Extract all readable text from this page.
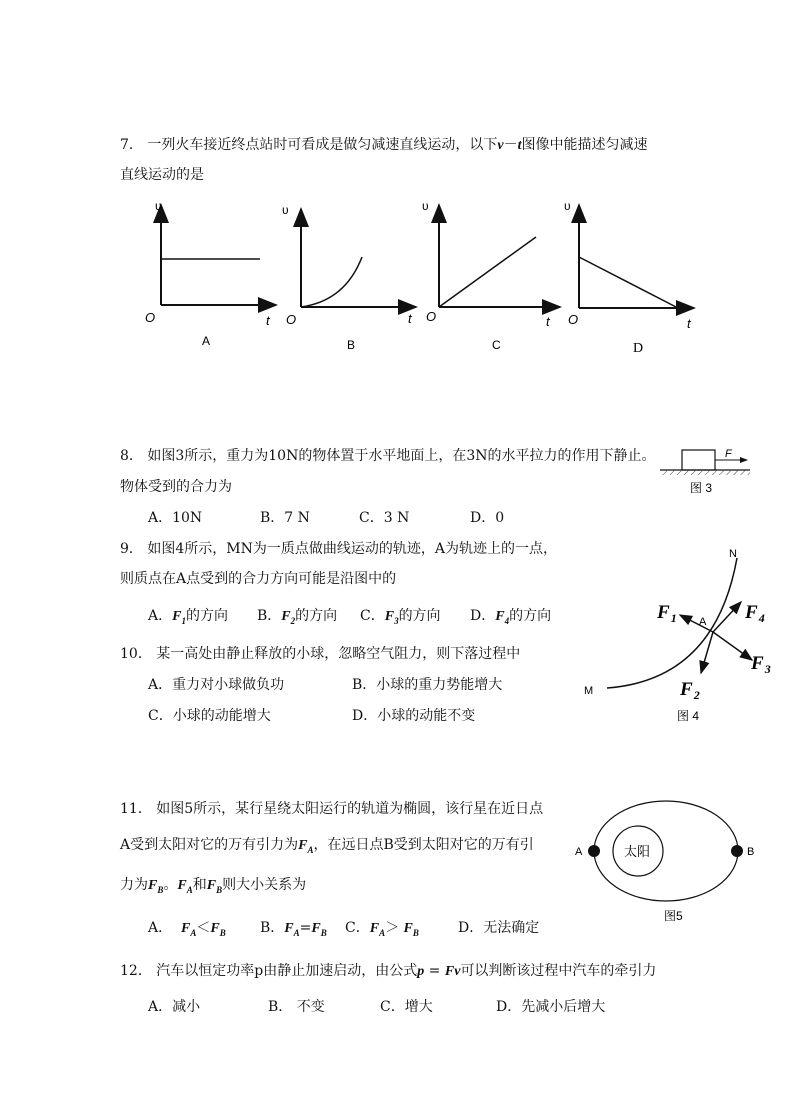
7． 一列火车接近终点站时可看成是做匀减速直线运动，以下v－t图像中能描述匀减速
直线运动的是
υ
O	t
A
υ
O	t
B
υ
O	t
C
υ
O	t
D
8． 如图3所示，重力为10N的物体置于水平地面上，在3N的水平拉力的作用下静止。
物体受到的合力为
A．10N	B．7 N	C．3 N	D．0
F
图 3
9． 如图4所示，MN为一质点做曲线运动的轨迹，A为轨迹上的一点，
则质点在A点受到的合力方向可能是沿图中的
A．$F_1$的方向 B．$F_2$的方向 C．$F_3$的方向 D．$F_4$的方向
N
M
A
$F_1$
$F_2$
$F_3$
$F_4$
图 4
10． 某一高处由静止释放的小球，忽略空气阻力，则下落过程中
A．重力对小球做负功	B．小球的重力势能增大
C．小球的动能增大	D．小球的动能不变
11． 如图5所示，某行星绕太阳运行的轨道为椭圆，该行星在近日点
A受到太阳对它的万有引力为$F_A$，在远日点B受到太阳对它的万有引
力为$F_B$。$F_A$和$F_B$则大小关系为
A． $F_A<F_B$ B．$F_A=F_B$ C．$F_A> F_B$	D．无法确定
A	B
太阳
图5
12． 汽车以恒定功率p由静止加速启动，由公式p = Fv可以判断该过程中汽车的牵引力
A．减小	B． 不变	C．增大	D．先减小后增大
